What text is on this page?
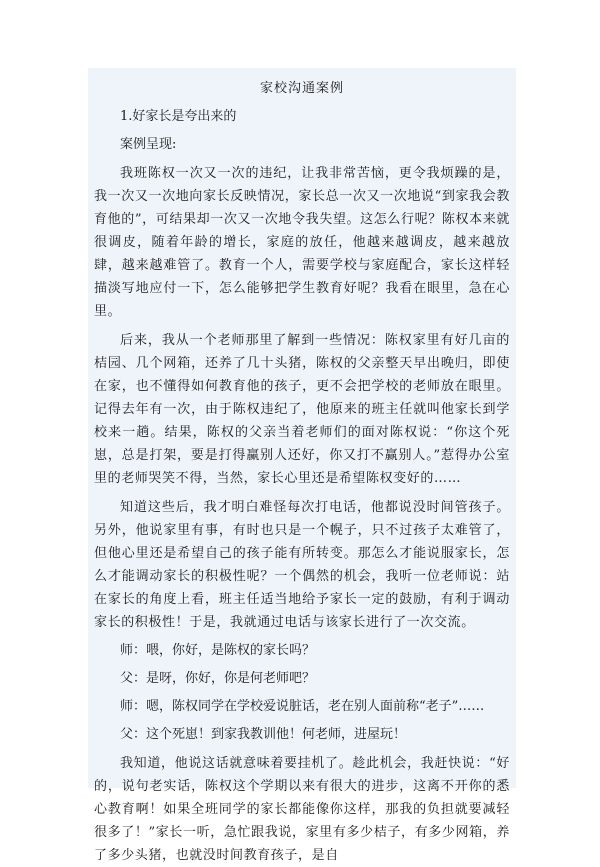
家校沟通案例
1.好家长是夸出来的
案例呈现:

我班陈权一次又一次的违纪，让我非常苦恼，更令我烦躁的是，我一次又一次地向家长反映情况，家长总一次又一次地说“到家我会教育他的”，可结果却一次又一次地令我失望。这怎么行呢？陈权本来就很调皮，随着年龄的增长，家庭的放任，他越来越调皮，越来越放肆，越来越难管了。教育一个人，需要学校与家庭配合，家长这样轻描淡写地应付一下，怎么能够把学生教育好呢？我看在眼里，急在心里。

后来，我从一个老师那里了解到一些情况：陈权家里有好几亩的桔园、几个网箱，还养了几十头猪，陈权的父亲整天早出晚归，即使在家，也不懂得如何教育他的孩子，更不会把学校的老师放在眼里。记得去年有一次，由于陈权违纪了，他原来的班主任就叫他家长到学校来一趟。结果，陈权的父亲当着老师们的面对陈权说：“你这个死崽，总是打架，要是打得赢别人还好，你又打不赢别人。”惹得办公室里的老师哭笑不得，当然，家长心里还是希望陈权变好的……

知道这些后，我才明白难怪每次打电话，他都说没时间管孩子。另外，他说家里有事，有时也只是一个幌子，只不过孩子太难管了，但他心里还是希望自己的孩子能有所转变。那怎么才能说服家长，怎么才能调动家长的积极性呢？一个偶然的机会，我听一位老师说：站在家长的角度上看，班主任适当地给予家长一定的鼓励，有利于调动家长的积极性！于是，我就通过电话与该家长进行了一次交流。

师：喂，你好，是陈权的家长吗？
父：是呀，你好，你是何老师吧？
师：嗯，陈权同学在学校爱说脏话，老在别人面前称“老子”……
父：这个死崽！到家我教训他！何老师，进屋玩！

我知道，他说这话就意味着要挂机了。趁此机会，我赶快说：“好的，说句老实话，陈权这个学期以来有很大的进步，这离不开你的悉心教育啊！如果全班同学的家长都能像你这样，那我的负担就要减轻很多了！”家长一听，急忙跟我说，家里有多少桔子，有多少网箱，养了多少头猪，也就没时间教育孩子，是自
